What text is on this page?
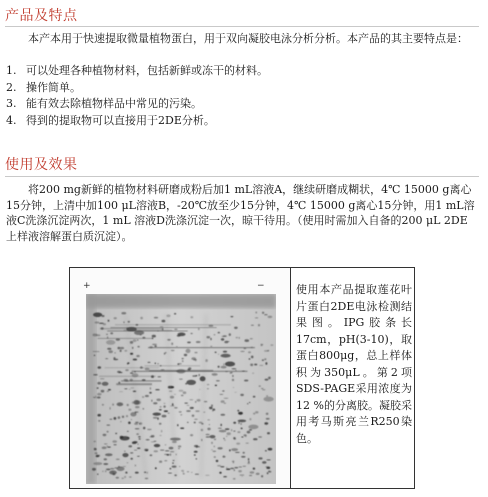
产品及特点

本产本用于快速提取微量植物蛋白，用于双向凝胶电泳分析分析。本产品的其主要特点是：

1. 可以处理各种植物材料，包括新鲜或冻干的材料。
2. 操作简单。
3. 能有效去除植物样品中常见的污染。
4. 得到的提取物可以直接用于2DE分析。
使用及效果

将200 mg新鲜的植物材料研磨成粉后加1 mL溶液A，继续研磨成糊状，4℃ 15000 g离心15分钟，上清中加100 μL溶液B，-20℃放至少15分钟，4℃ 15000 g离心15分钟，用1 mL溶液C洗涤沉淀两次，1 mL 溶液D洗涤沉淀一次，晾干待用。（使用时需加入自备的200 μL 2DE上样液溶解蛋白质沉淀）。

+	−	使用本产品提取莲花叶片蛋白2DE电泳检测结果图。IPG胶条长17cm，pH(3-10)，取蛋白800μg，总上样体积为350μL。第2项SDS-PAGE采用浓度为12 %的分离胶。凝胶采用考马斯亮兰R250染色。
